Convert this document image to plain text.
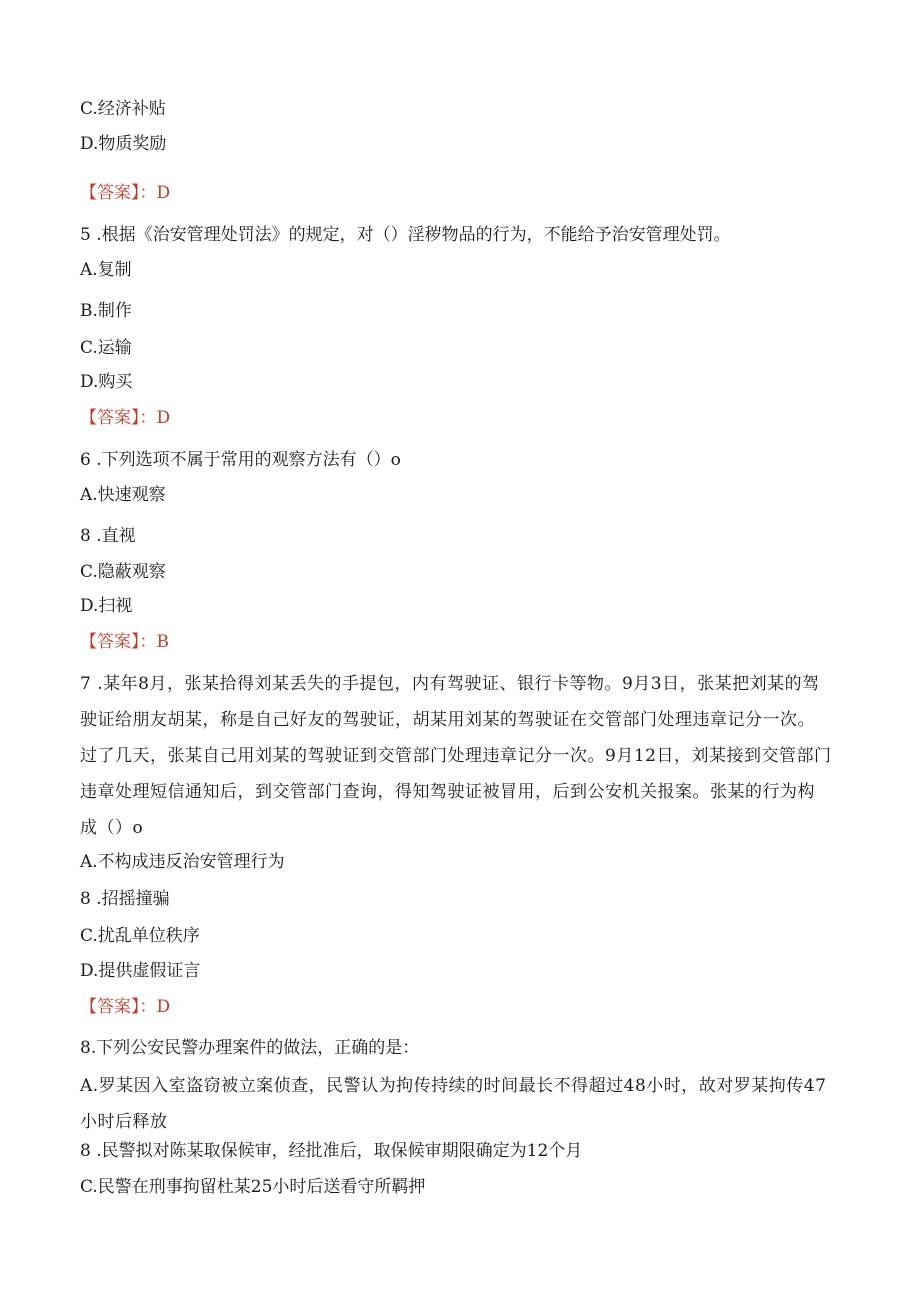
C.经济补贴
D.物质奖励
【答案】：D
5 .根据《治安管理处罚法》的规定，对（）淫秽物品的行为，不能给予治安管理处罚。
A.复制
B.制作
C.运输
D.购买
【答案】：D
6 .下列选项不属于常用的观察方法有（）o
A.快速观察
8 .直视
C.隐蔽观察
D.扫视
【答案】：B
7 .某年8月，张某拾得刘某丢失的手提包，内有驾驶证、银行卡等物。9月3日，张某把刘某的驾驶证给朋友胡某，称是自己好友的驾驶证，胡某用刘某的驾驶证在交管部门处理违章记分一次。过了几天，张某自己用刘某的驾驶证到交管部门处理违章记分一次。9月12日，刘某接到交管部门违章处理短信通知后，到交管部门查询，得知驾驶证被冒用，后到公安机关报案。张某的行为构成（）o
A.不构成违反治安管理行为
8 .招摇撞骗
C.扰乱单位秩序
D.提供虚假证言
【答案】：D
8.下列公安民警办理案件的做法，正确的是：
A.罗某因入室盗窃被立案侦查，民警认为拘传持续的时间最长不得超过48小时，故对罗某拘传47小时后释放
8 .民警拟对陈某取保候审，经批准后，取保候审期限确定为12个月
C.民警在刑事拘留杜某25小时后送看守所羁押
